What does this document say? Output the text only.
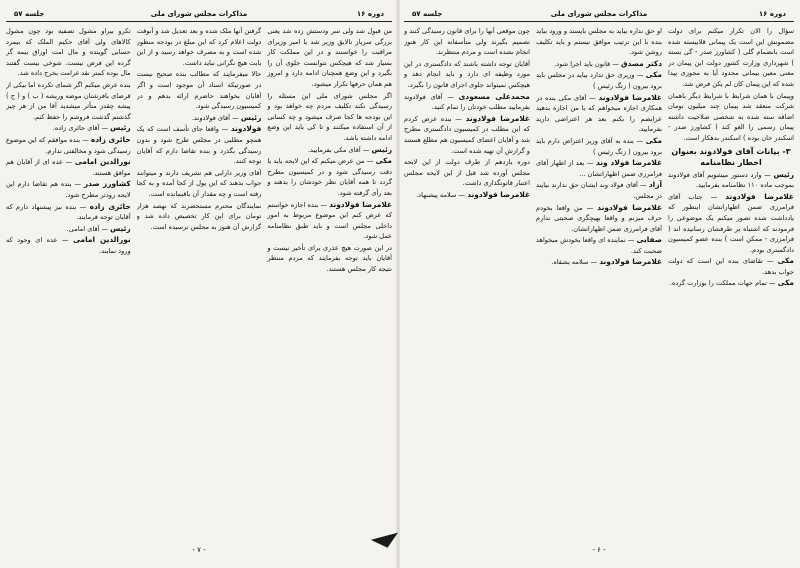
دوره ۱۶
مذاکرات مجلس شورای ملی
جلسه ۵۷

من قبول شد ولی سر ودستش زده شد یعنی بزرگی سرباز نالایق وزیر شد یا امیر وزیرای مراقبت را خواستند و در این مملکت کار بسیار شد که هیچکس نتوانست جلوی آن را بگیرد و این وضع همچنان ادامه دارد و امروز هم همان حرفها تکرار میشود.

اگر مجلس شورای ملی این مسئله را رسیدگی نکند تکلیف مردم چه خواهد بود و این بودجه ها کجا صرف میشود و چه کسانی از آن استفاده میکنند و تا کی باید این وضع ادامه داشته باشد.

رئیس — آقای مکی بفرمایید.

مکی — من عرض میکنم که این لایحه باید با دقت رسیدگی شود و در کمیسیون مطرح گردد تا همه آقایان نظر خودشان را بدهند و بعد رأی گرفته شود.

غلامرضا فولادوند — بنده اجازه خواستم که عرض کنم این موضوع مربوط به امور داخلی مجلس است و باید طبق نظامنامه عمل شود.

در این صورت هیچ عذری برای تأخیر نیست و آقایان باید توجه بفرمایند که مردم منتظر نتیجه کار مجلس هستند.

گرفتن آنها ملک شده و بعد تعدیل شد و آنوقت دولت اعلام کرد که این مبلغ در بودجه منظور شده است و به مصرف خواهد رسید و از این بابت هیچ نگرانی نباید داشت.

حالا میفرمایند که مطالب بنده صحیح نیست در صورتیکه اسناد آن موجود است و اگر آقایان بخواهند حاضرم ارائه بدهم و در کمیسیون رسیدگی شود.

رئیس — آقای فولادوند.

فولادوند — واقعا جای تأسف است که یک همچو مطلبی در مجلس طرح شود و بدون رسیدگی بگذرد و بنده تقاضا دارم که آقایان توجه کنند.

آقای وزیر دارایی هم تشریف دارند و میتوانند جواب بدهند که این پول از کجا آمده و به کجا رفته است و چه مقدار آن باقیمانده است.

نمایندگان محترم مستحضرند که نهصد هزار تومان برای این کار تخصیص داده شد و گزارش آن هنوز به مجلس نرسیده است.

تکرو بیراو مشول تصفیه بود چون مشول کالاهای ولی آقای حکیم الملک که بیمرد حسابی گوینده و مال امت اوراق بیمه گر گرده این فرض نیست. شوخی نیست گفتند مال بوده کمتر نقد غرامت بخرج داده شد.

بنده عرض میکنم اگر شمای نکرده اما بیکی از قرضای بافرشتان موضه وریشه ( ب ) و ( ج ) پیشه چقدر متأثر میشدید آقا من از هر چیز گذشتم گذشت فروشم را حفظ کنم.

رئیس — آقای حائری زاده.

حائری زاده — بنده موافقم که این موضوع رسیدگی شود و مخالفتی ندارم.

نورالدین امامی — عده ای از آقایان هم موافق هستند.

کشاورز صدر — بنده هم تقاضا دارم این لایحه زودتر مطرح شود.

حائری زاده — بنده نیز پیشنهاد دارم که آقایان توجه فرمایند.

رئیس — آقای امامی.

نورالدین امامی — عده ای وجود که ورود نمایند.

- ۷ -
دوره ۱۶
مذاکرات مجلس شورای ملی
جلسه ۵۷

سؤال را الان تکرار میکنم برای دولت مضمونش این است یک پیمانی قلابیسته شده است بانضمام گلی ( کشاورز صدر - گی بسته ) شهرداری وزارت کشور دولت این پیمان در معنی معین بیمانی محدود آیا به مجوزی پیدا شده که این پیمان کان لم یکن فرض شد.

وپیمان با همان شرایط با شرایط دیگر باهمان شرکت منعقد شد پیمان چند میلیون تومان اضافه سته شده به شخصی صلاحیت داشته پیمان رسمی را الغو کند ( کشاورز صدر - اسکندر خان بوده ) اسکندر بدهکار است.

۳- بیانات آقای فولادوند بعنوان اخطار نظامنامه

رئیس — وارد دستور میشویم آقای فولادوند بموجب ماده ۱۱۰ نظامنامه بفرمایید.

غلامرضا فولادوند — جناب آقای فرامرزی ضمن اظهاراتشان اینطور که یادداشت شده تصور میکنم یک موضوعی را فرمودند که اشتباه بر طرفشان رسانیده اند ( فرامرزی - ممکن است ) بنده عضو کمیسیون دادگستری بودم.

مکی — تقاضای بنده این است که دولت جواب بدهد.

مکی — تمام جهات مملکت را بوزارت گرده.

او حق نداره بیاید به مجلس بایستد و ورود بیاید بنده با این ترتیب موافق نیستم و باید تکلیف روشن شود.

دکتر مصدق — قانون باید اجرا شود.

مکی — وزیری حق ندارد بیاید در مجلس باید برود بیرون ( زنگ رئیس )

غلامرضا فولادوند — آقای مکی بنده در همکاری اجازه میخواهم که با من اجازه بدهید عرایضم را بکنم بعد هر اعتراضی دارید بفرمایید.

مکی — بنده به آقای وزیر اعتراض دارم باید برود بیرون ( زنگ رئیس )

غلامرضا فولاد وند — بعد از اظهار آقای فرامرزی ضمن اظهاراتشان ...

آزاد — آقای فولاد وند ایشان حق ندارند بیایند در مجلس.

غلامرضا فولادوند — من واقعا بخودم حرف میزنم و واقعا بهیچگری صحبتی ندارم آقای فرامرزی ضمن اظهاراتشان.

صفایی — نماینده ای واقعا بخودش میخواهد صحبت کند.

غلامرضا فولادوند — سلامه بشقاه.

چون موقعی آنها را برای قانون رسیدگی کنند و تصمیم بگیرند ولی متأسفانه این کار هنوز انجام نشده است و مردم منتظرند.

آقایان توجه داشته باشند که دادگستری در این مورد وظیفه ای دارد و باید انجام دهد و هیچکس نمیتواند جلوی اجرای قانون را بگیرد.

محمدعلی مسعودی — آقای فولادوند بفرمایید مطلب خودتان را تمام کنید.

غلامرضا فولادوند — بنده عرض کردم که این مطلب در کمیسیون دادگستری مطرح شد و آقایان اعضای کمیسیون هم مطلع هستند و گزارش آن تهیه شده است.

دوره یازدهم از طرف دولت از این لایحه مجلس آورده شد قبل از این لایحه مجلس اعتبار قانونگذاری داشت.

غلامرضا فولادوند — سلامه پیشنهاد.

- ۶ -
